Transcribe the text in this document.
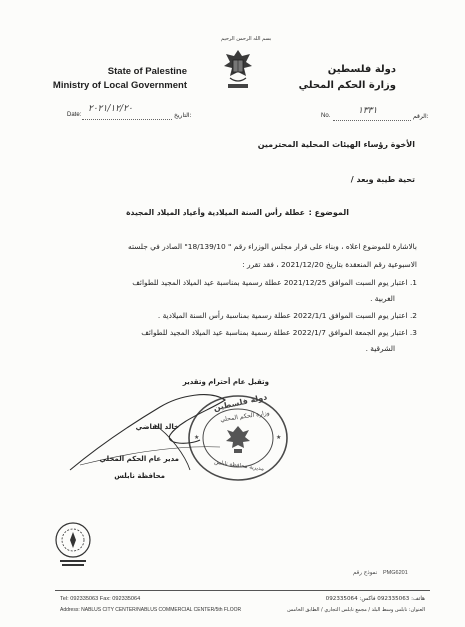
State of Palestine
Ministry of Local Government
بسم الله الرحمن الرحيم
دولة فلسطين
وزارة الحكم المحلي
Date:
٢٠٢١/١٢/٢٠
التاريخ:	No.	١٣٣١
الرقم:
الأخوة رؤساء الهيئات المحلية المحترمين
تحية طيبة وبعد /
الموضوع :
عطلة رأس السنة الميلادية وأعياد الميلاد المجيدة
بالاشارة للموضوع اعلاه ، وبناء على قرار مجلس الوزراء رقم " 18/139/10" الصادر في جلسته
الاسبوعية رقم المنعقدة بتاريخ 2021/12/20 ، فقد تقرر :
1. اعتبار يوم السبت الموافق 2021/12/25 عطلة رسمية بمناسبة عيد الميلاد المجيد للطوائف
الغربية .
2. اعتبار يوم السبت الموافق 2022/1/1 عطلة رسمية بمناسبة رأس السنة الميلادية .
3. اعتبار يوم الجمعة الموافق 2022/1/7 عطلة رسمية بمناسبة عيد الميلاد المجيد للطوائف
الشرقية .
وتقبل عام أحترام وتقدير
★	★
دولة فلسطين
وزارة الحكم المحلي
مديرية محافظة نابلس
خالد القاضي
مدير عام الحكم المحلي
محافظة نابلس
نموذج رقم PMG6201
Tel: 092335063 Fax: 092335064
Address: NABLUS CITY CENTER/NABLUS COMMERCIAL CENTER/5th FLOOR
هاتف: 092335063 فاكس: 092335064
العنوان: نابلس وسط البلد / مجمع نابلس التجاري / الطابق الخامس
